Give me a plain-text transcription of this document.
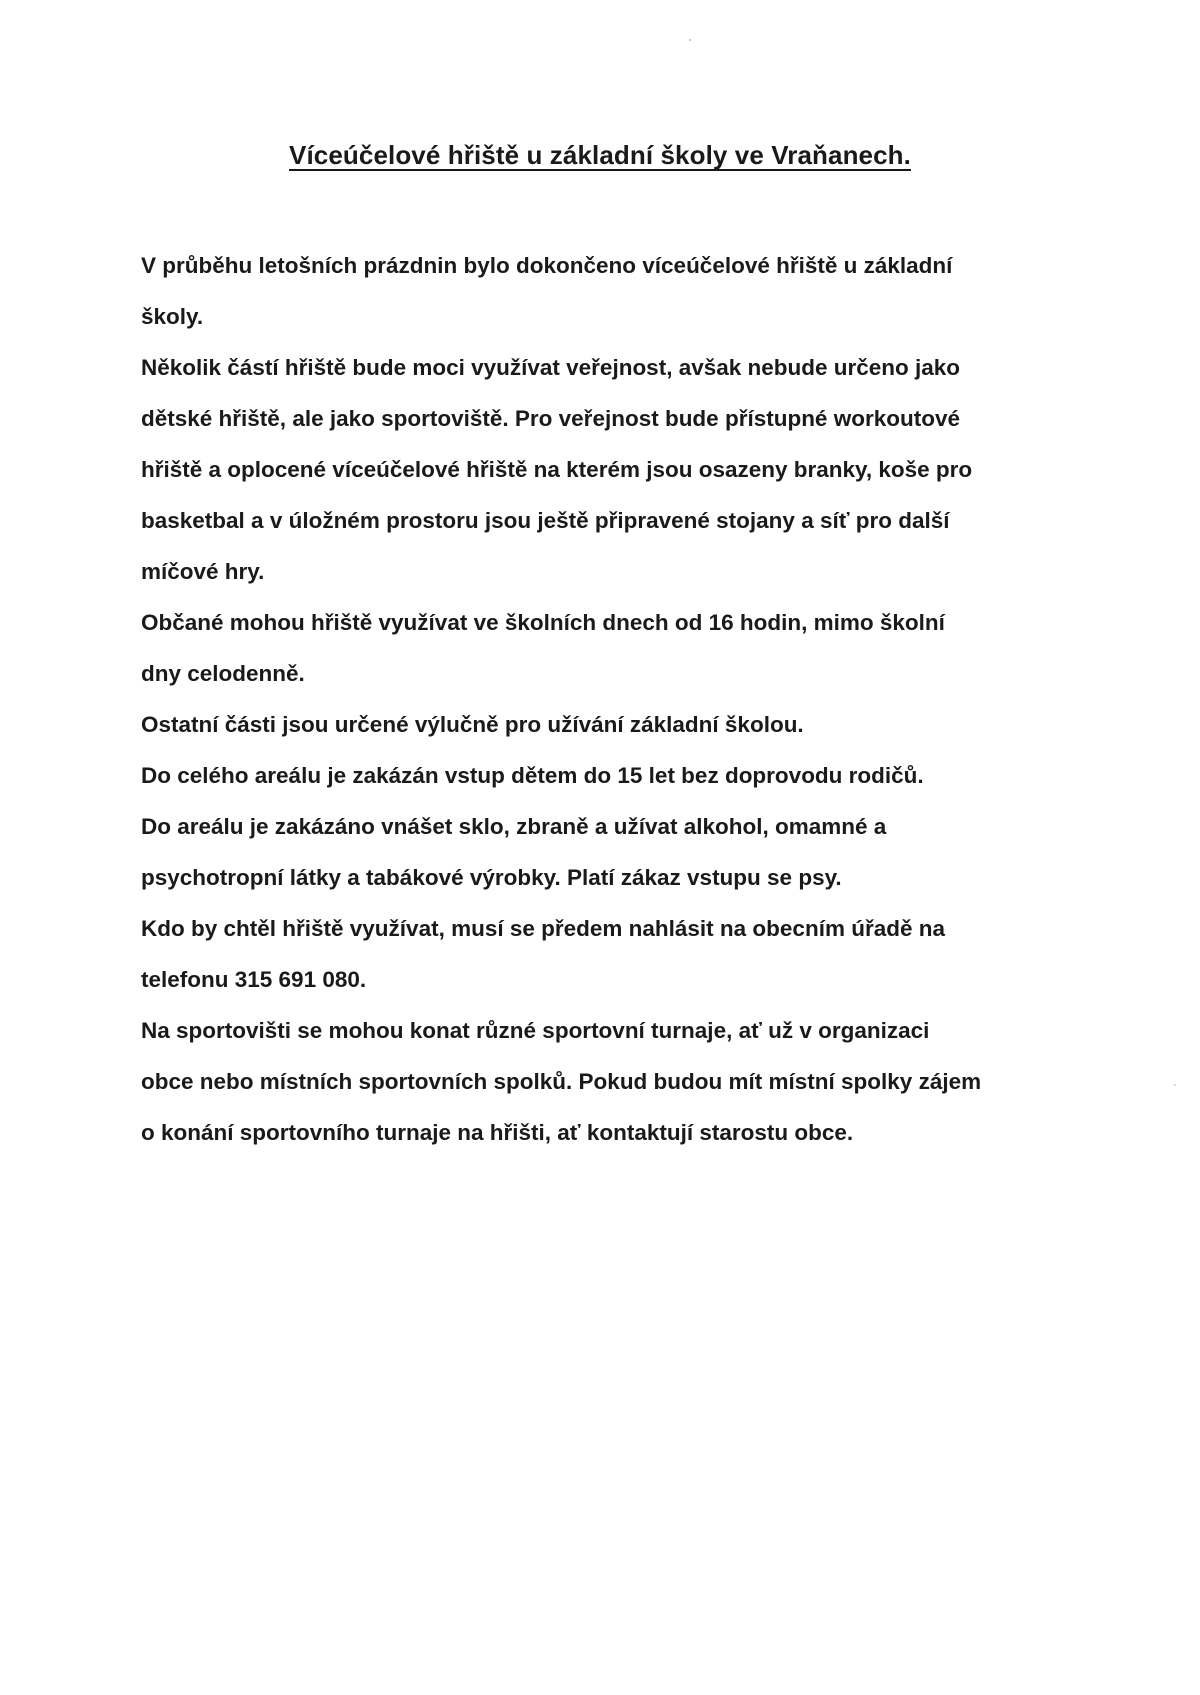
Víceúčelové hřiště u základní školy ve Vraňanech.
V průběhu letošních prázdnin bylo dokončeno víceúčelové hřiště u základní
školy.
Několik částí hřiště bude moci využívat veřejnost, avšak nebude určeno jako
dětské hřiště, ale jako sportoviště. Pro veřejnost bude přístupné workoutové
hřiště a oplocené víceúčelové hřiště na kterém jsou osazeny branky, koše pro
basketbal a v úložném prostoru jsou ještě připravené stojany a síť pro další
míčové hry.
Občané mohou hřiště využívat ve školních dnech od 16 hodin, mimo školní
dny celodenně.
Ostatní části jsou určené výlučně pro užívání základní školou.
Do celého areálu je zakázán vstup dětem do 15 let bez doprovodu rodičů.
Do areálu je zakázáno vnášet sklo, zbraně a užívat alkohol, omamné a
psychotropní látky a tabákové výrobky. Platí zákaz vstupu se psy.
Kdo by chtěl hřiště využívat, musí se předem nahlásit na obecním úřadě na
telefonu 315 691 080.
Na sportovišti se mohou konat různé sportovní turnaje, ať už v organizaci
obce nebo místních sportovních spolků. Pokud budou mít místní spolky zájem
o konání sportovního turnaje na hřišti, ať kontaktují starostu obce.
